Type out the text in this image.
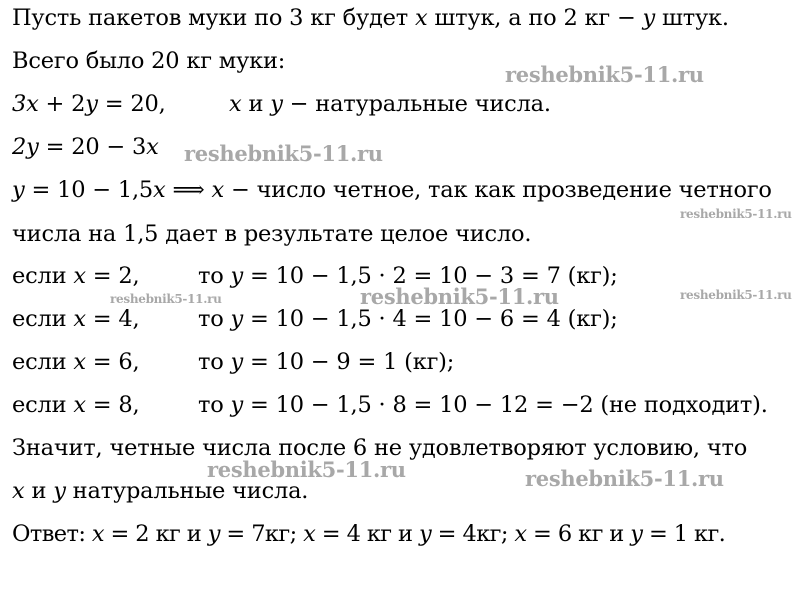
Пусть пакетов муки по 3 кг будет x штук, а по 2 кг − y штук.
Всего было 20 кг муки:
3x + 2y = 20,	x и y − натуральные числа.
2y = 20 − 3x
y = 10 − 1,5x ⟹ x − число четное, так как прозведение четного
числа на 1,5 дает в результате целое число.
если x = 2,	то y = 10 − 1,5 · 2 = 10 − 3 = 7 (кг);
если x = 4,	то y = 10 − 1,5 · 4 = 10 − 6 = 4 (кг);
если x = 6,	то y = 10 − 9 = 1 (кг);
если x = 8,	то y = 10 − 1,5 · 8 = 10 − 12 = −2 (не подходит).
Значит, четные числа после 6 не удовлетворяют условию, что
x и y натуральные числа.
Ответ: x = 2 кг и y = 7кг; x = 4 кг и y = 4кг; x = 6 кг и y = 1 кг.
reshebnik5-11.ru
reshebnik5-11.ru
reshebnik5-11.ru
reshebnik5-11.ru	reshebnik5-11.ru	reshebnik5-11.ru
reshebnik5-11.ru	reshebnik5-11.ru
